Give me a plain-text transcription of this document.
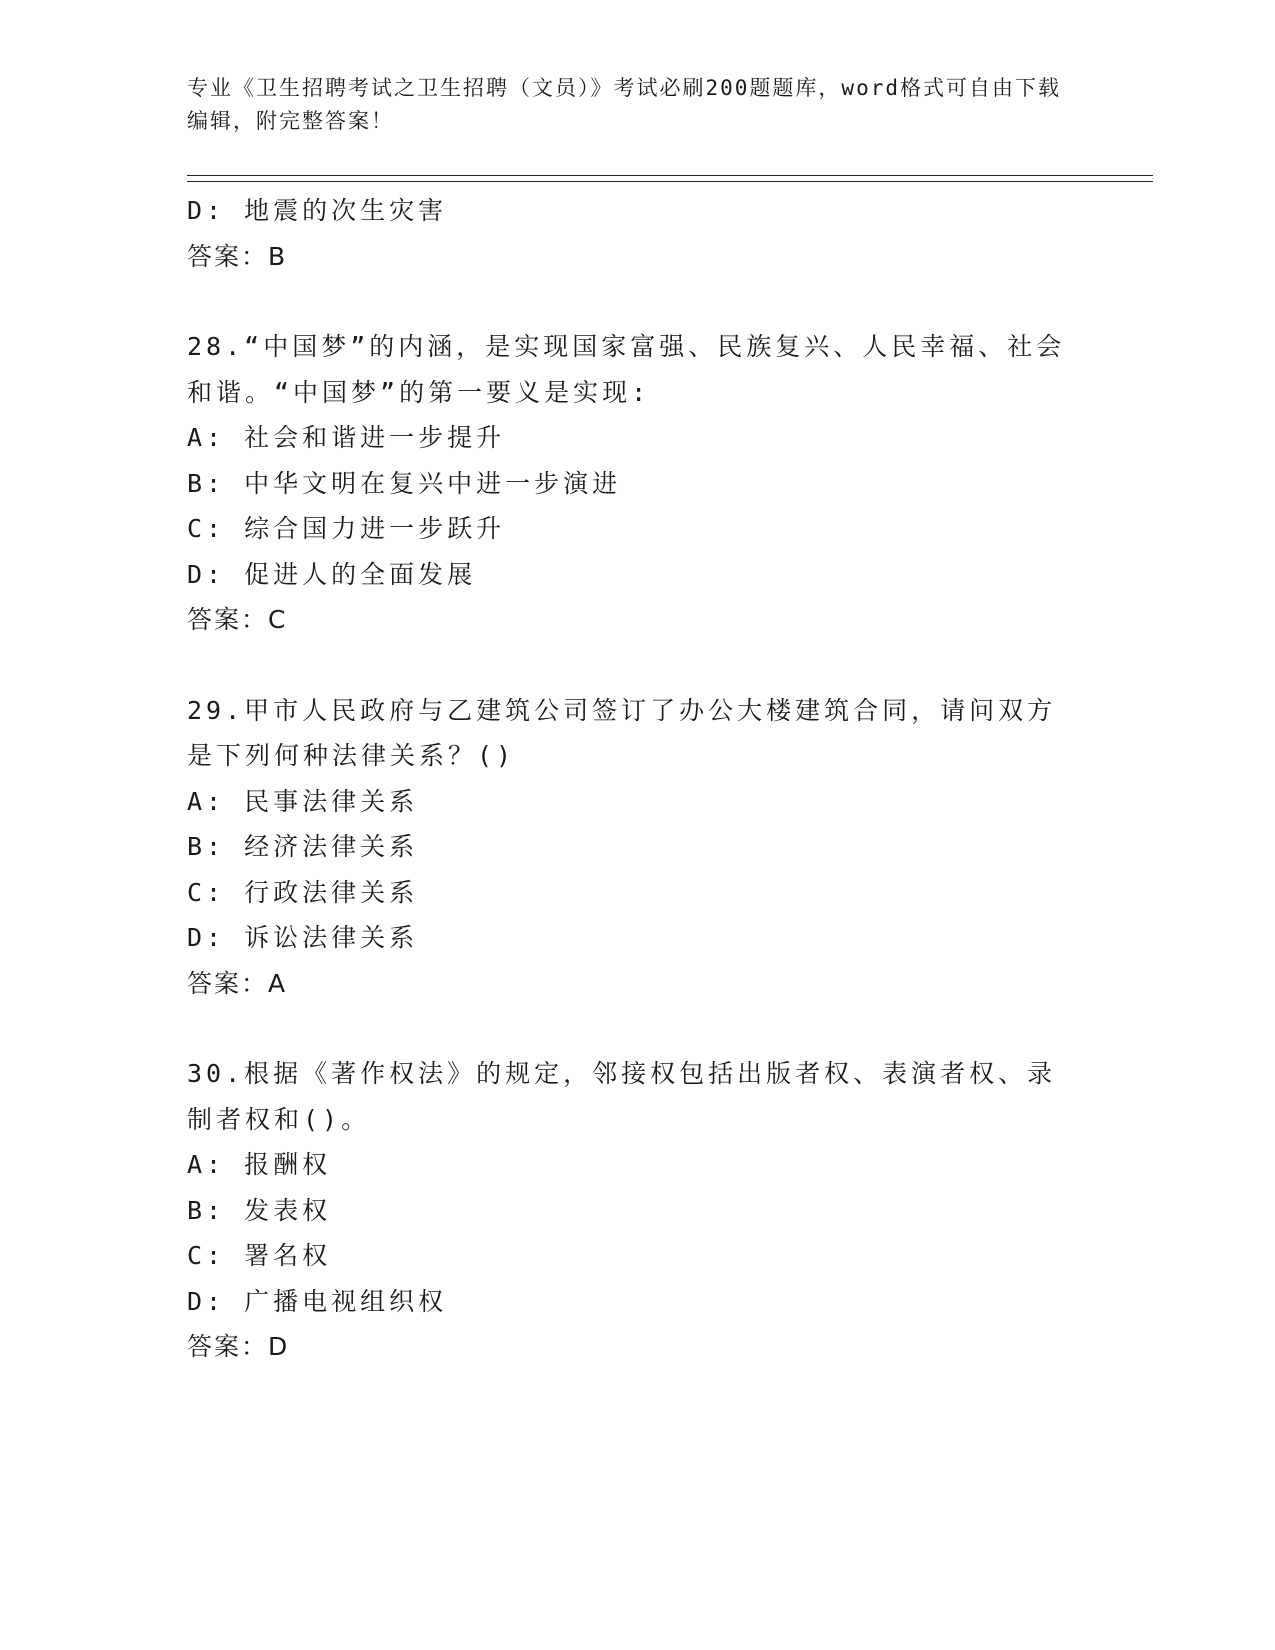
专业《卫生招聘考试之卫生招聘（文员）》考试必刷200题题库，word格式可自由下载编辑，附完整答案！
D: 地震的次生灾害
答案：B
28.“中国梦”的内涵，是实现国家富强、民族复兴、人民幸福、社会和谐。“中国梦”的第一要义是实现:
A: 社会和谐进一步提升
B: 中华文明在复兴中进一步演进
C: 综合国力进一步跃升
D: 促进人的全面发展
答案：C
29.甲市人民政府与乙建筑公司签订了办公大楼建筑合同，请问双方是下列何种法律关系？()
A: 民事法律关系
B: 经济法律关系
C: 行政法律关系
D: 诉讼法律关系
答案：A
30.根据《著作权法》的规定，邻接权包括出版者权、表演者权、录制者权和()。
A: 报酬权
B: 发表权
C: 署名权
D: 广播电视组织权
答案：D
